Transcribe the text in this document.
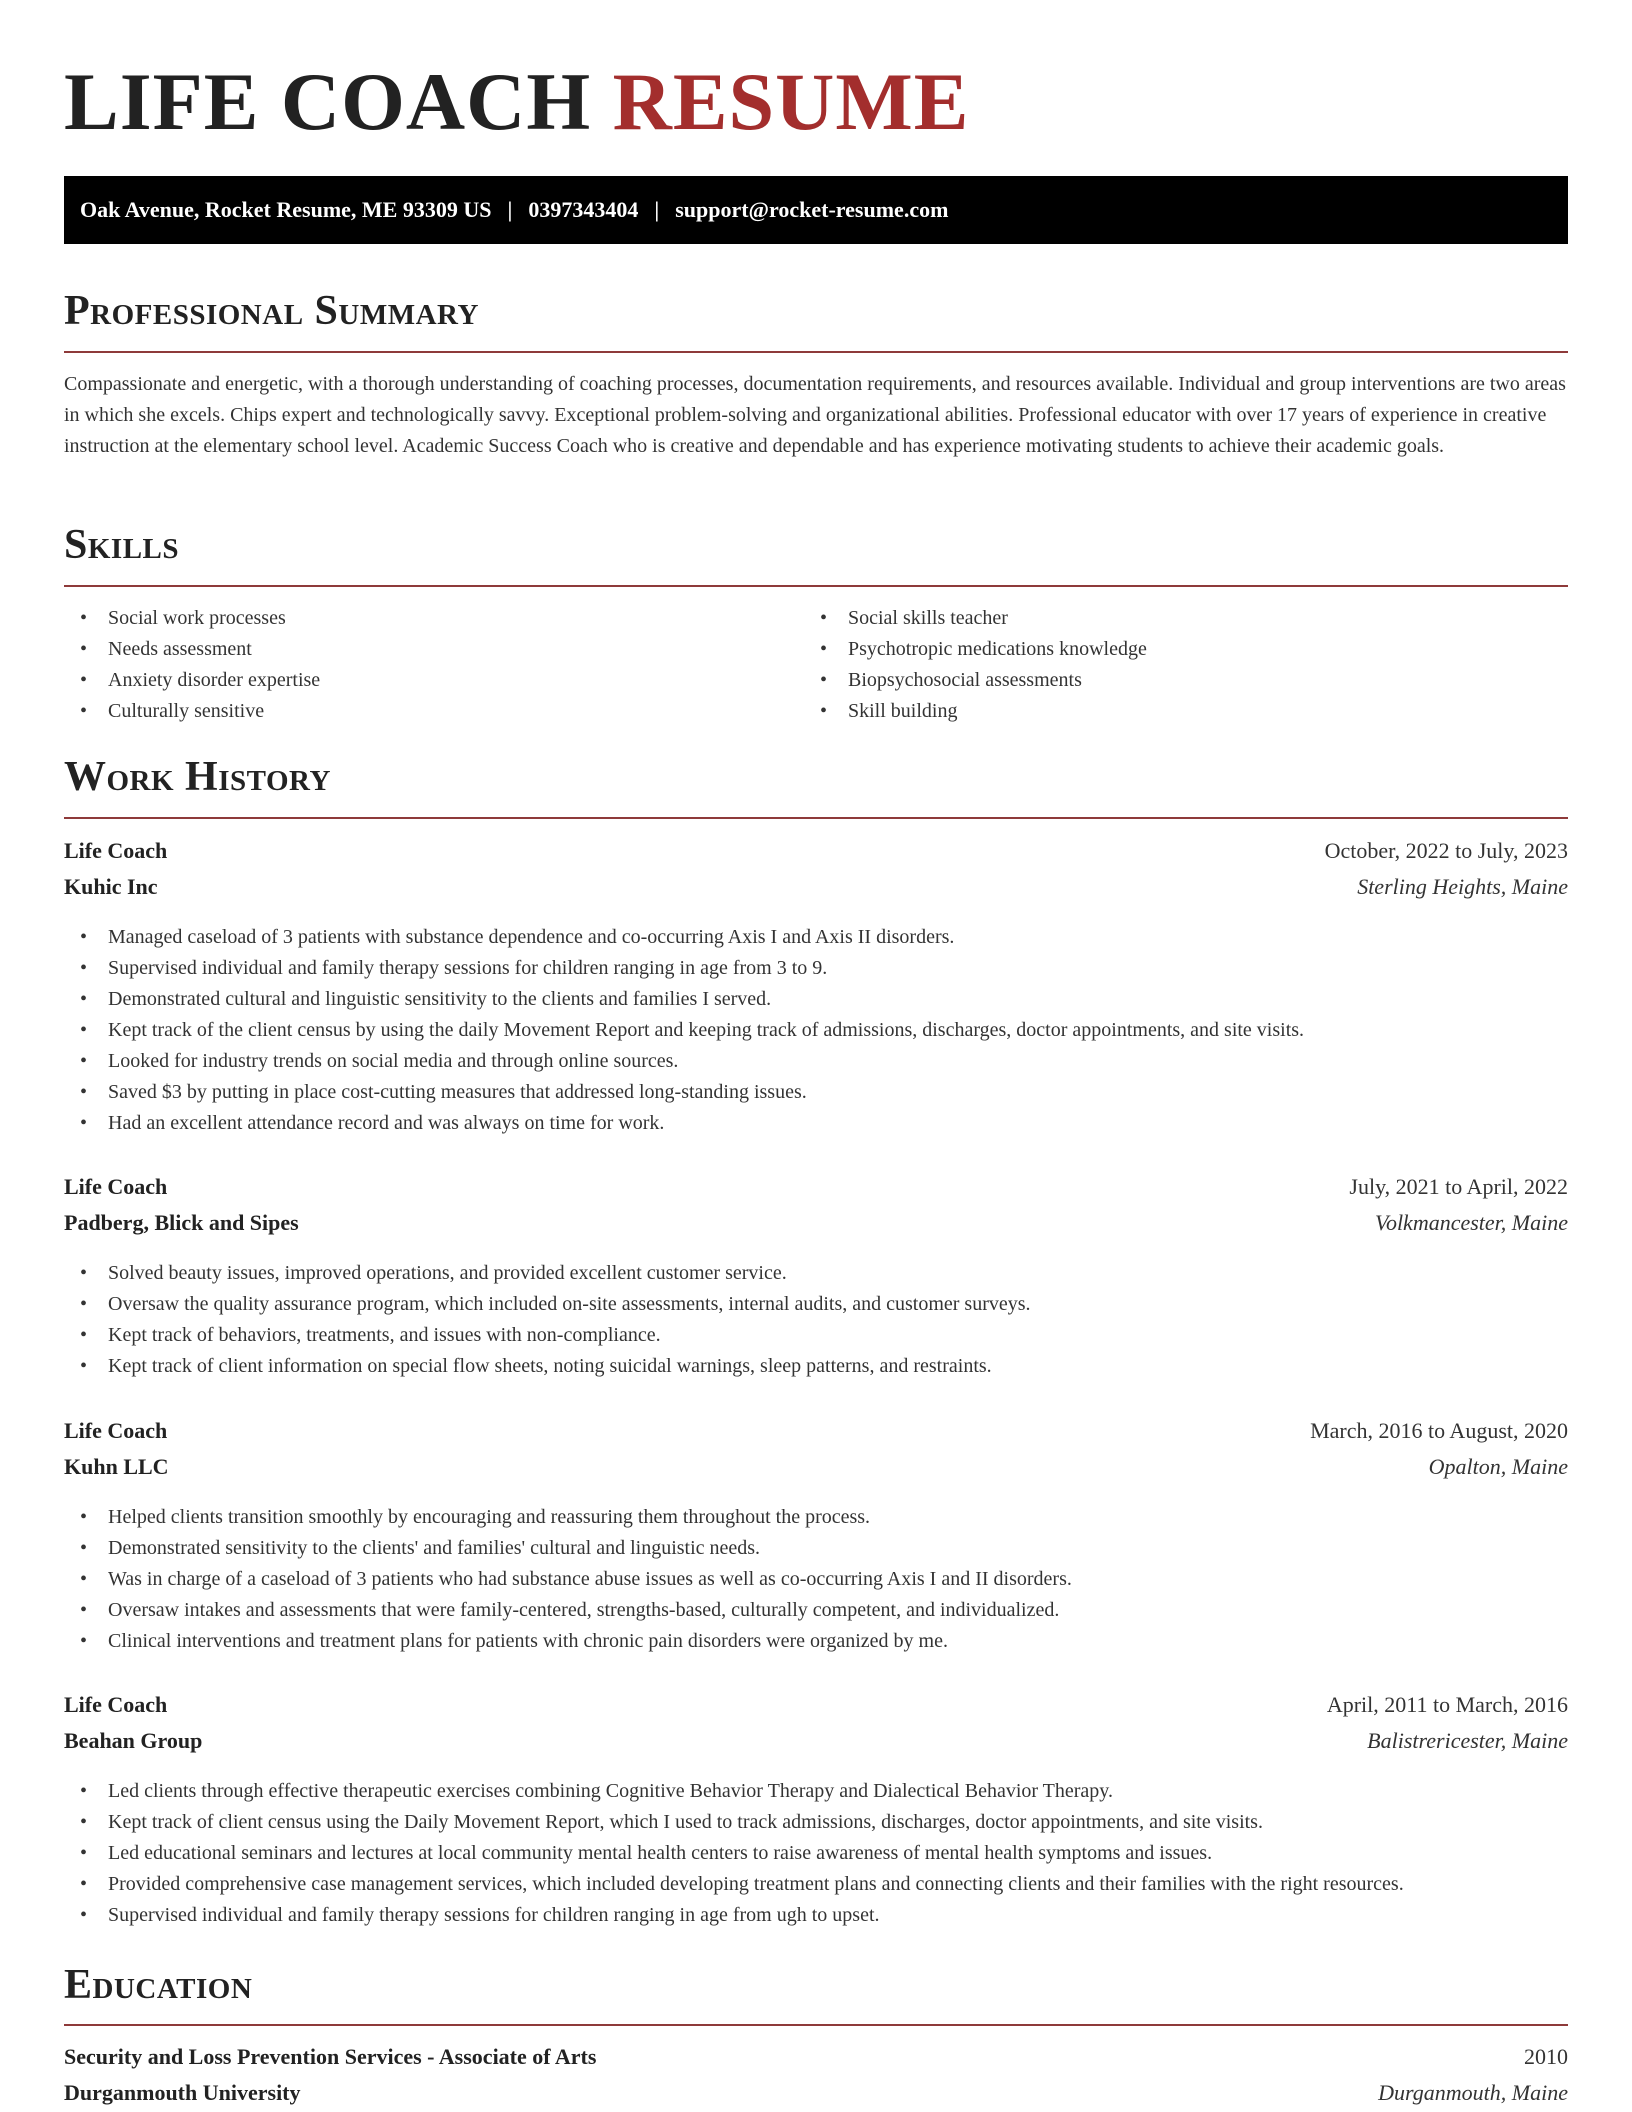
LIFE COACH RESUME
Oak Avenue, Rocket Resume, ME 93309 US | 0397343404 | support@rocket-resume.com
Professional Summary

Compassionate and energetic, with a thorough understanding of coaching processes, documentation requirements, and resources available. Individual and group interventions are two areas in which she excels. Chips expert and technologically savvy. Exceptional problem-solving and organizational abilities. Professional educator with over 17 years of experience in creative instruction at the elementary school level. Academic Success Coach who is creative and dependable and has experience motivating students to achieve their academic goals.

Skills
• Social work processes
• Needs assessment
• Anxiety disorder expertise
• Culturally sensitive
• Social skills teacher
• Psychotropic medications knowledge
• Biopsychosocial assessments
• Skill building
Work History
Life Coach	October, 2022 to July, 2023
Kuhic Inc	Sterling Heights, Maine
• Managed caseload of 3 patients with substance dependence and co-occurring Axis I and Axis II disorders.
• Supervised individual and family therapy sessions for children ranging in age from 3 to 9.
• Demonstrated cultural and linguistic sensitivity to the clients and families I served.
• Kept track of the client census by using the daily Movement Report and keeping track of admissions, discharges, doctor appointments, and site visits.
• Looked for industry trends on social media and through online sources.
• Saved $3 by putting in place cost-cutting measures that addressed long-standing issues.
• Had an excellent attendance record and was always on time for work.
Life Coach	July, 2021 to April, 2022
Padberg, Blick and Sipes	Volkmancester, Maine
• Solved beauty issues, improved operations, and provided excellent customer service.
• Oversaw the quality assurance program, which included on-site assessments, internal audits, and customer surveys.
• Kept track of behaviors, treatments, and issues with non-compliance.
• Kept track of client information on special flow sheets, noting suicidal warnings, sleep patterns, and restraints.
Life Coach	March, 2016 to August, 2020
Kuhn LLC	Opalton, Maine
• Helped clients transition smoothly by encouraging and reassuring them throughout the process.
• Demonstrated sensitivity to the clients' and families' cultural and linguistic needs.
• Was in charge of a caseload of 3 patients who had substance abuse issues as well as co-occurring Axis I and II disorders.
• Oversaw intakes and assessments that were family-centered, strengths-based, culturally competent, and individualized.
• Clinical interventions and treatment plans for patients with chronic pain disorders were organized by me.
Life Coach	April, 2011 to March, 2016
Beahan Group	Balistrericester, Maine
• Led clients through effective therapeutic exercises combining Cognitive Behavior Therapy and Dialectical Behavior Therapy.
• Kept track of client census using the Daily Movement Report, which I used to track admissions, discharges, doctor appointments, and site visits.
• Led educational seminars and lectures at local community mental health centers to raise awareness of mental health symptoms and issues.
• Provided comprehensive case management services, which included developing treatment plans and connecting clients and their families with the right resources.
• Supervised individual and family therapy sessions for children ranging in age from ugh to upset.
Education
Security and Loss Prevention Services - Associate of Arts	2010
Durganmouth University	Durganmouth, Maine
